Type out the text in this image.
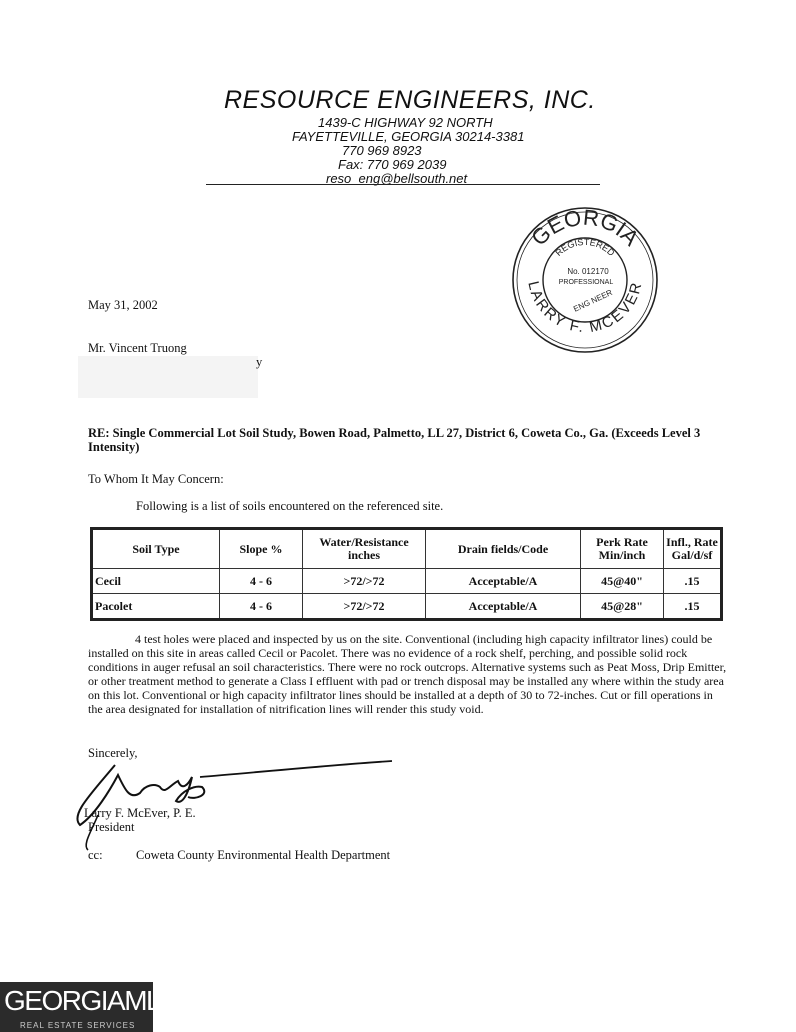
RESOURCE ENGINEERS, INC.
1439-C HIGHWAY 92 NORTH
FAYETTEVILLE, GEORGIA 30214-3381
770 969 8923
Fax: 770 969 2039
reso_eng@bellsouth.net
GEORGIA
REGISTERED
No. 012170
PROFESSIONAL
ENG NEER
LARRY F. MCEVER
May 31, 2002
Mr. Vincent Truong
y
RE: Single Commercial Lot Soil Study, Bowen Road, Palmetto, LL 27, District 6, Coweta Co., Ga. (Exceeds Level 3 Intensity)
To Whom It May Concern:
Following is a list of soils encountered on the referenced site.
Soil Type	Slope %	Water/Resistance inches	Drain fields/Code	Perk Rate Min/inch	Infl., Rate Gal/d/sf
Cecil	4 - 6	>72/>72	Acceptable/A	45@40"	.15
Pacolet	4 - 6	>72/>72	Acceptable/A	45@28"	.15
4 test holes were placed and inspected by us on the site. Conventional (including high capacity infiltrator lines) could be installed on this site in areas called Cecil or Pacolet. There was no evidence of a rock shelf, perching, and possible solid rock conditions in auger refusal an soil characteristics. There were no rock outcrops. Alternative systems such as Peat Moss, Drip Emitter, or other treatment method to generate a Class I effluent with pad or trench disposal may be installed any where within the study area on this lot. Conventional or high capacity infiltrator lines should be installed at a depth of 30 to 72-inches. Cut or fill operations in the area designated for installation of nitrification lines will render this study void.
Sincerely,
Larry F. McEver, P. E.
President
cc:	Coweta County Environmental Health Department
GEORGIAMLS
REAL ESTATE SERVICES
